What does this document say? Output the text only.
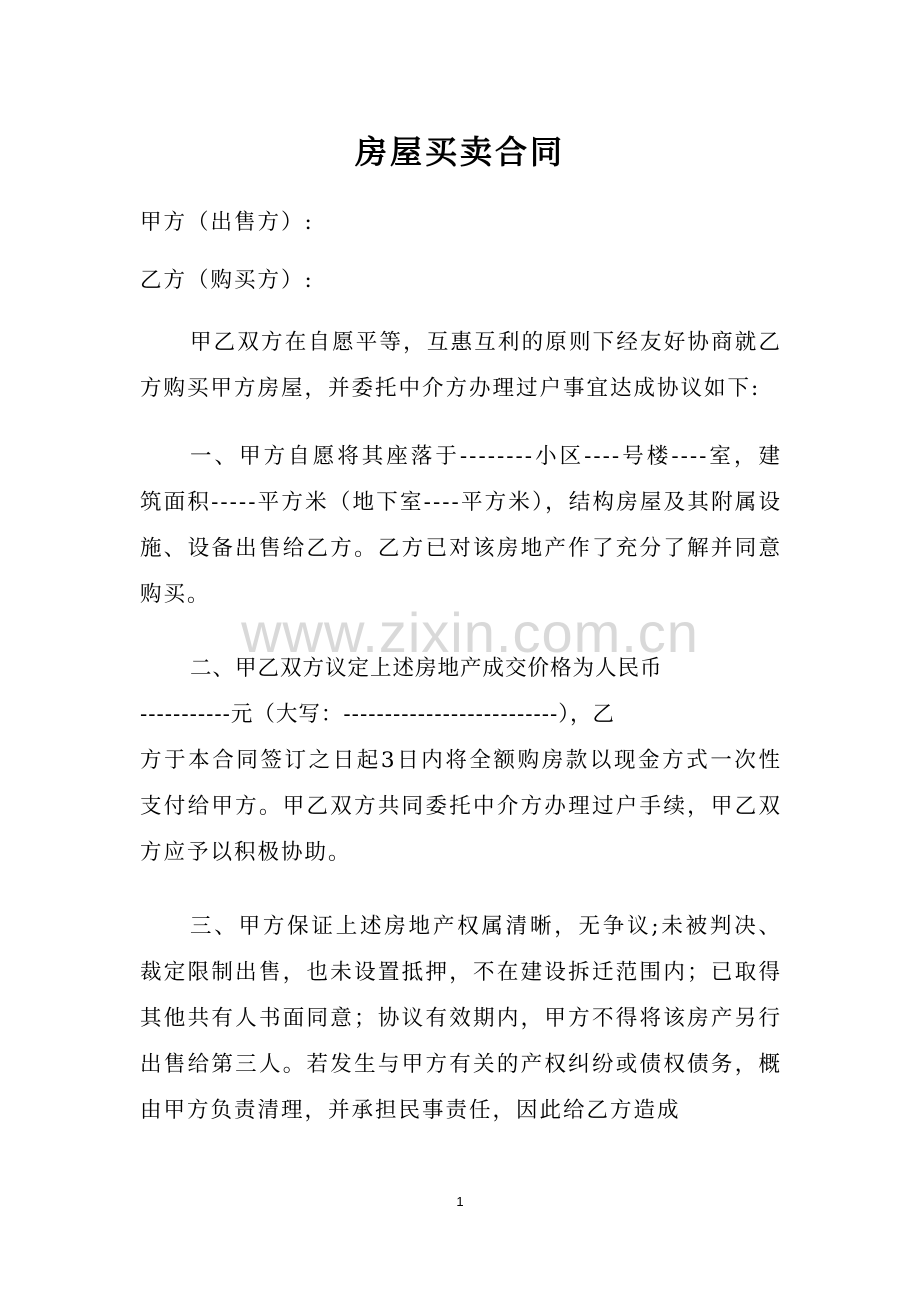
房屋买卖合同

甲方（出售方）:

乙方（购买方）:

甲乙双方在自愿平等，互惠互利的原则下经友好协商就乙方购买甲方房屋，并委托中介方办理过户事宜达成协议如下:

一、甲方自愿将其座落于--------小区----号楼----室，建筑面积-----平方米（地下室----平方米），结构房屋及其附属设施、设备出售给乙方。乙方已对该房地产作了充分了解并同意购买。

二、甲乙双方议定上述房地产成交价格为人民币
-----------元（大写：--------------------------），乙
方于本合同签订之日起3日内将全额购房款以现金方式一次性支付给甲方。甲乙双方共同委托中介方办理过户手续，甲乙双方应予以积极协助。

三、甲方保证上述房地产权属清晰，无争议;未被判决、裁定限制出售，也未设置抵押，不在建设拆迁范围内；已取得其他共有人书面同意；协议有效期内，甲方不得将该房产另行出售给第三人。若发生与甲方有关的产权纠纷或债权债务，概由甲方负责清理，并承担民事责任，因此给乙方造成

www.zixin.com.cn
1
